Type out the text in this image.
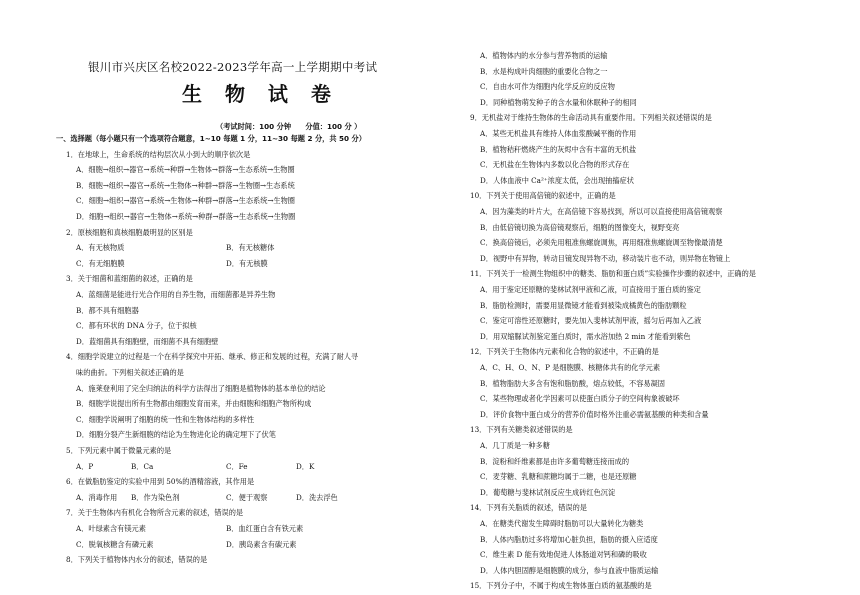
银川市兴庆区名校2022-2023学年高一上学期期中考试
生 物 试 卷
（考试时间：100 分钟　　分值：100 分 ）
一、选择题（每小题只有一个选项符合题意，1~10 每题 1 分，11~30 每题 2 分，共 50 分）
1．在地球上，生命系统的结构层次从小到大的顺序依次是
A．细胞→组织→器官→系统→种群→生物体→群落→生态系统→生物圈
B．细胞→组织→器官→系统→生物体→种群→群落→生物圈→生态系统
C．细胞→组织→器官→系统→生物体→种群→群落→生态系统→生物圈
D．细胞→组织→器官→生物体→系统→种群→群落→生态系统→生物圈
2．原核细胞和真核细胞最明显的区别是
A．有无核物质	B．有无核糖体
C．有无细胞膜	D．有无核膜
3．关于细菌和蓝细菌的叙述，正确的是
A．蓝细菌是能进行光合作用的自养生物，而细菌都是异养生物
B．都不具有细胞器
C．都有环状的 DNA 分子，位于拟核
D．蓝细菌具有细胞壁，而细菌不具有细胞壁
4．细胞学说建立的过程是一个在科学探究中开拓、继承、修正和发展的过程，充满了耐人寻
味的曲折。下列相关叙述正确的是
A．施莱登利用了完全归纳法的科学方法得出了细胞是植物体的基本单位的结论
B．细胞学说提出所有生物都由细胞发育而来，并由细胞和细胞产物所构成
C．细胞学说阐明了细胞的统一性和生物体结构的多样性
D．细胞分裂产生新细胞的结论为生物进化论的确定埋下了伏笔
5．下列元素中属于微量元素的是
A．P	B．Ca	C．Fe	D．K
6．在做脂肪鉴定的实验中用到 50%的酒精溶液，其作用是
A．消毒作用 B．作为染色剂	C．便于观察	D．洗去浮色
7．关于生物体内有机化合物所含元素的叙述，错误的是
A．叶绿素含有镁元素	B．血红蛋白含有铁元素
C．脱氧核糖含有磷元素	D．胰岛素含有碳元素
8．下列关于植物体内水分的叙述，错误的是
A．植物体内的水分参与营养物质的运输
B．水是构成叶肉细胞的重要化合物之一
C．自由水可作为细胞内化学反应的反应物
D．同种植物萌发种子的含水量和休眠种子的相同
9．无机盐对于维持生物体的生命活动具有重要作用。下列相关叙述错误的是
A．某些无机盐具有维持人体血浆酸碱平衡的作用
B．植物秸秆燃烧产生的灰烬中含有丰富的无机盐
C．无机盐在生物体内多数以化合物的形式存在
D．人体血液中 Ca²⁺浓度太低，会出现抽搐症状
10．下列关于使用高倍镜的叙述中，正确的是
A．因为藻类的叶片大，在高倍镜下容易找到，所以可以直接使用高倍镜观察
B．由低倍镜切换为高倍镜观察后，细胞的图像变大，视野变亮
C．换高倍镜后，必须先用粗准焦螺旋调焦，再用细准焦螺旋调至物像最清楚
D．视野中有异物，转动目镜发现异物不动，移动装片也不动，则异物在物镜上
11．下列关于一检测生物组织中的糖类、脂肪和蛋白质”实验操作步骤的叙述中，正确的是
A．用于鉴定还原糖的斐林试剂甲液和乙液，可直接用于蛋白质的鉴定
B．脂肪检测时，需要用显微镜才能看到被染成橘黄色的脂肪颗粒
C．鉴定可溶性还原糖时，要先加入斐林试剂甲液，摇匀后再加入乙液
D．用双缩脲试剂鉴定蛋白质时，需水浴加热 2 min 才能看到紫色
12．下列关于生物体内元素和化合物的叙述中，不正确的是
A．C、H、O、N、P 是细胞膜、核糖体共有的化学元素
B．植物脂肪大多含有饱和脂肪酸，熔点较低，不容易凝固
C．某些物理或者化学因素可以使蛋白质分子的空间构象被破坏
D．评价食物中蛋白成分的营养价值时格外注重必需氨基酸的种类和含量
13．下列有关糖类叙述错误的是
A．几丁质是一种多糖
B．淀粉和纤维素都是由许多葡萄糖连接而成的
C．麦芽糖、乳糖和蔗糖均属于二糖，也是还原糖
D．葡萄糖与斐林试剂反应生成砖红色沉淀
14．下列有关脂质的叙述，错误的是
A．在糖类代谢发生障碍时脂肪可以大量转化为糖类
B．人体内脂肪过多将增加心脏负担，脂肪的摄入应适度
C．维生素 D 能有效地促进人体肠道对钙和磷的吸收
D．人体内胆固醇是细胞膜的成分，参与血液中脂质运输
15．下列分子中，不属于构成生物体蛋白质的氨基酸的是
